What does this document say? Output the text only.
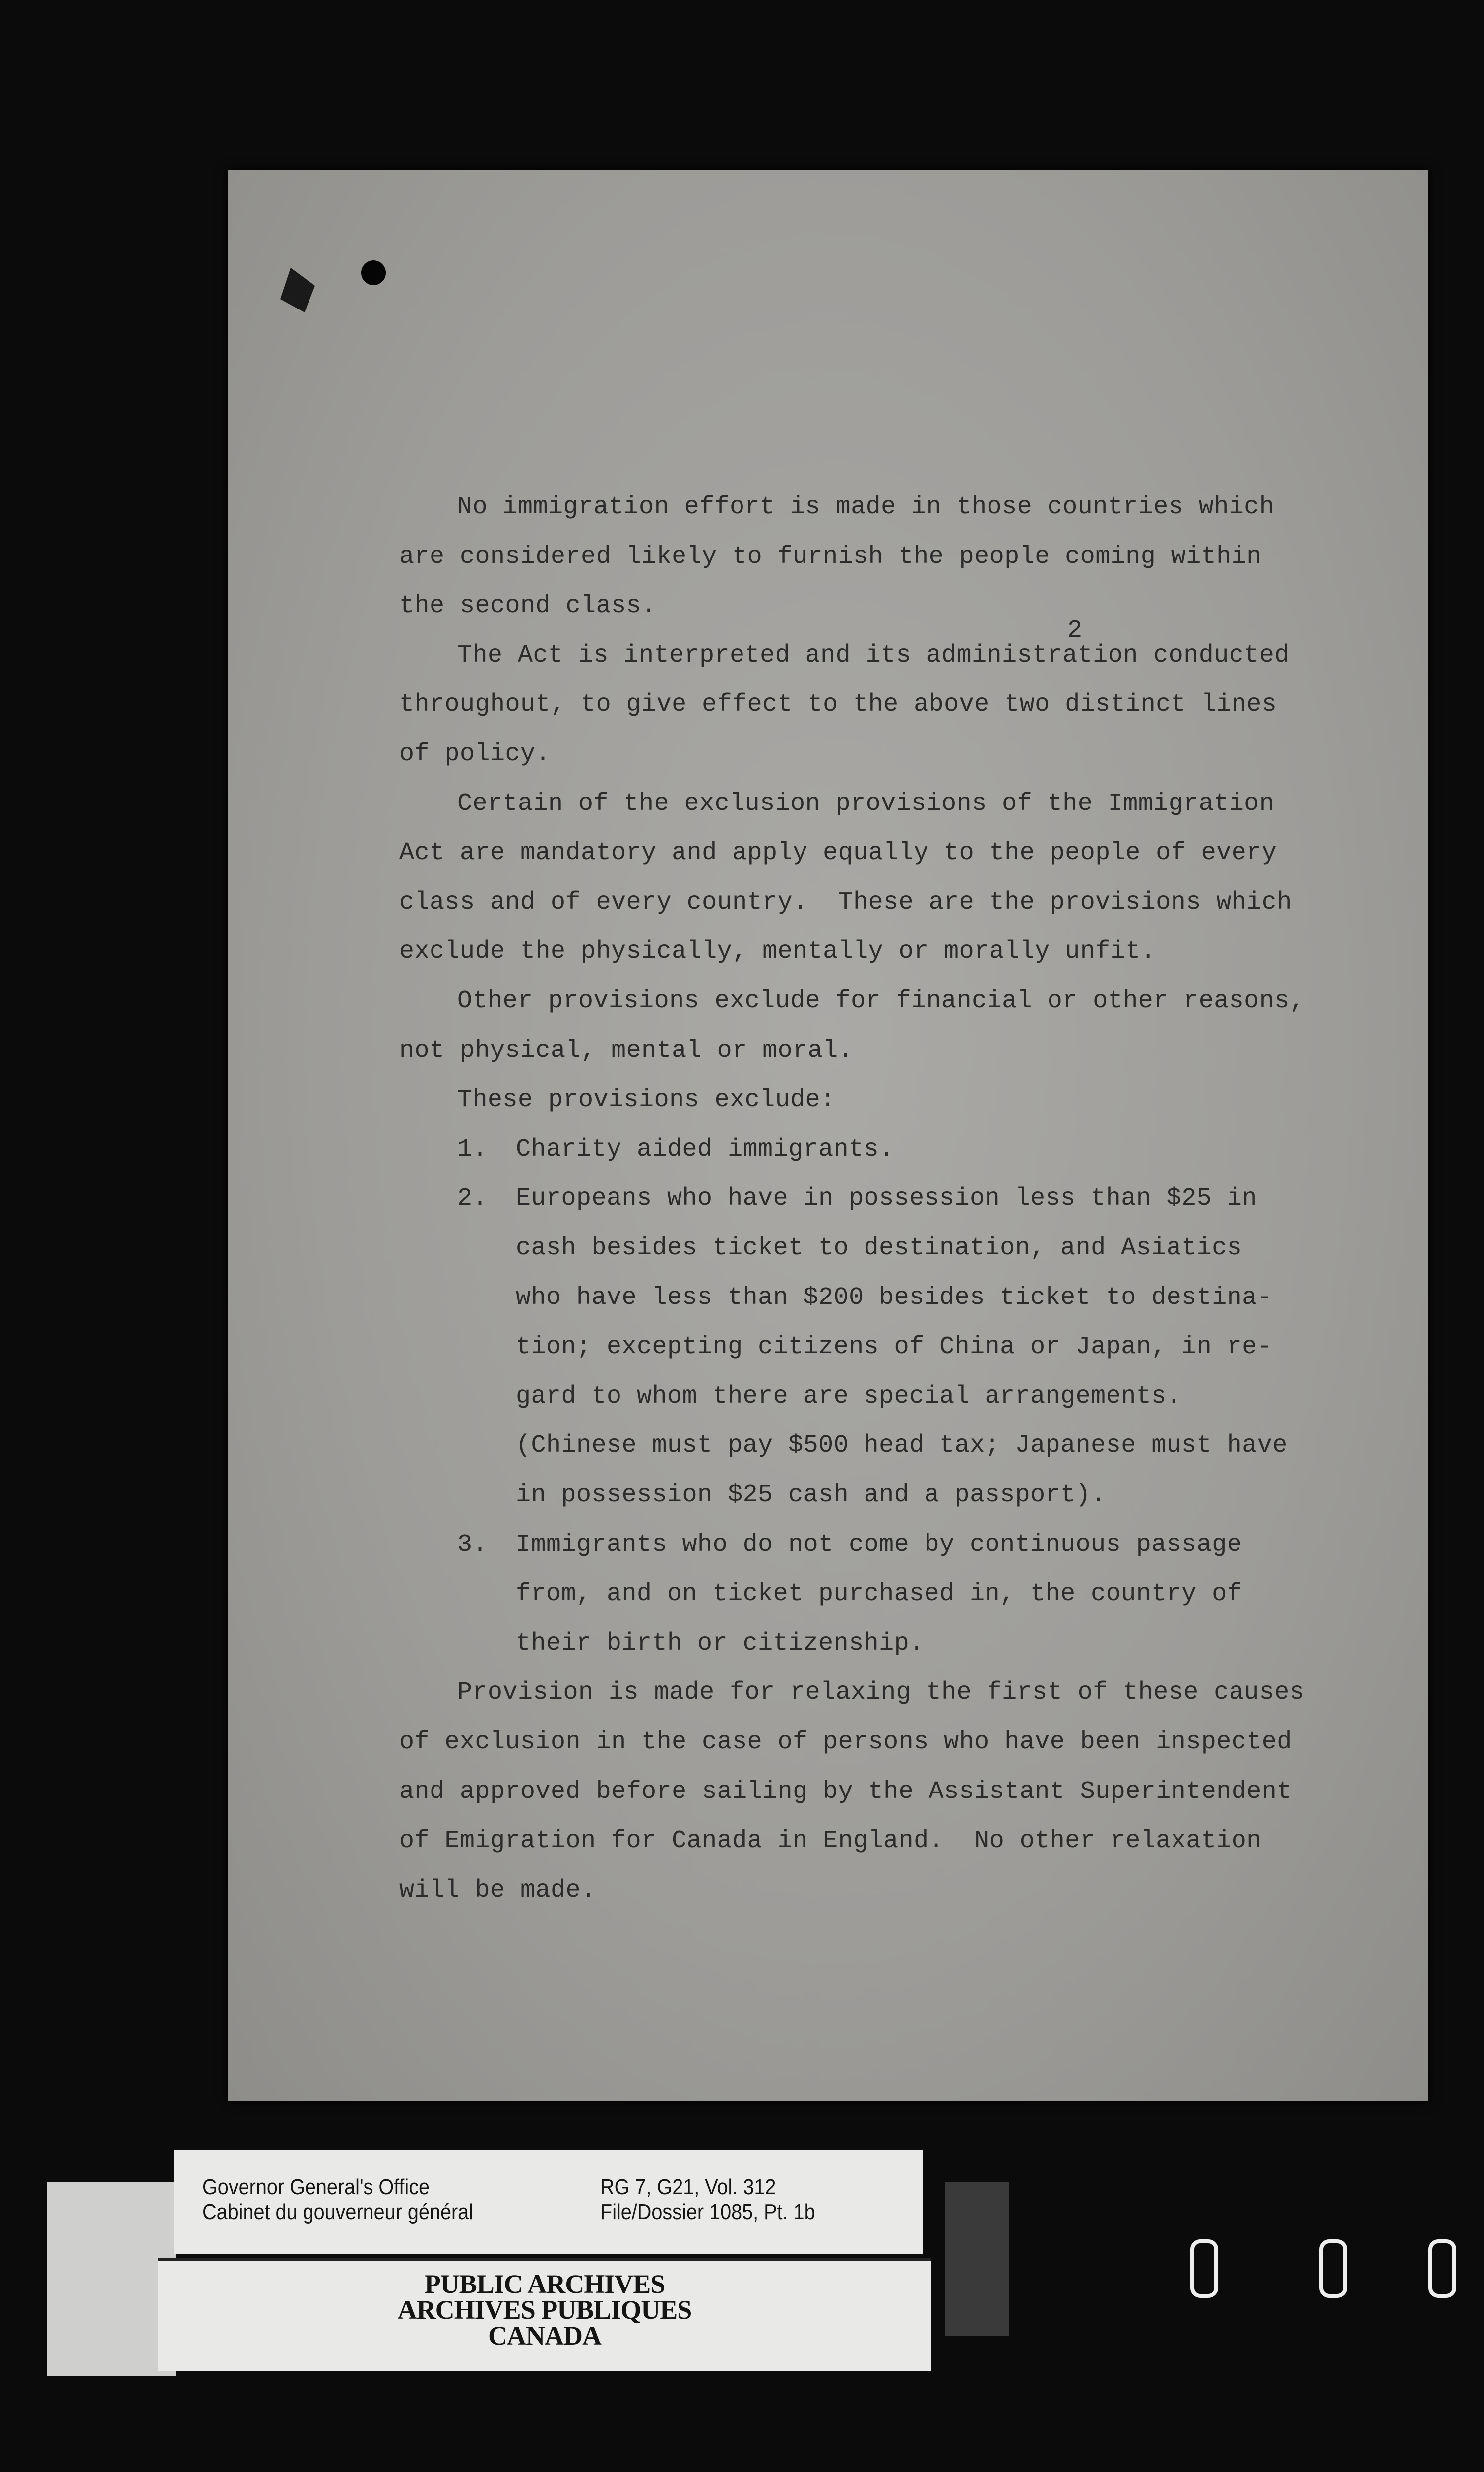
2
No immigration effort is made in those countries which
are considered likely to furnish the people coming within
the second class.
The Act is interpreted and its administration conducted
throughout, to give effect to the above two distinct lines
of policy.
Certain of the exclusion provisions of the Immigration
Act are mandatory and apply equally to the people of every
class and of every country.  These are the provisions which
exclude the physically, mentally or morally unfit.
Other provisions exclude for financial or other reasons,
not physical, mental or moral.
These provisions exclude:
1. Charity aided immigrants.
2. Europeans who have in possession less than $25 in
cash besides ticket to destination, and Asiatics
who have less than $200 besides ticket to destina-
tion; excepting citizens of China or Japan, in re-
gard to whom there are special arrangements.
(Chinese must pay $500 head tax; Japanese must have
in possession $25 cash and a passport).
3. Immigrants who do not come by continuous passage
from, and on ticket purchased in, the country of
their birth or citizenship.
Provision is made for relaxing the first of these causes
of exclusion in the case of persons who have been inspected
and approved before sailing by the Assistant Superintendent
of Emigration for Canada in England.  No other relaxation
will be made.
Governor General's Office
Cabinet du gouverneur général
RG 7, G21, Vol. 312
File/Dossier 1085, Pt. 1b
PUBLIC ARCHIVES
ARCHIVES PUBLIQUES
CANADA
